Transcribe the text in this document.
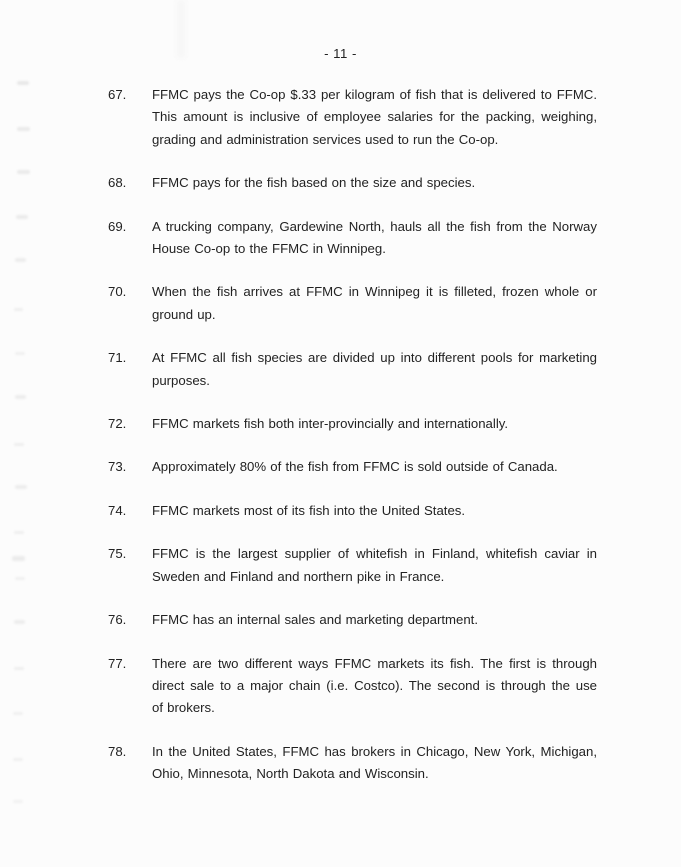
- 11 -
67.	FFMC pays the Co-op $.33 per kilogram of fish that is delivered to FFMC.
This amount is inclusive of employee salaries for the packing, weighing,
grading and administration services used to run the Co-op.
68.	FFMC pays for the fish based on the size and species.
69.	A trucking company, Gardewine North, hauls all the fish from the Norway
House Co-op to the FFMC in Winnipeg.
70.	When the fish arrives at FFMC in Winnipeg it is filleted, frozen whole or
ground up.
71.	At FFMC all fish species are divided up into different pools for marketing
purposes.
72.	FFMC markets fish both inter-provincially and internationally.
73.	Approximately 80% of the fish from FFMC is sold outside of Canada.
74.	FFMC markets most of its fish into the United States.
75.	FFMC is the largest supplier of whitefish in Finland, whitefish caviar in
Sweden and Finland and northern pike in France.
76.	FFMC has an internal sales and marketing department.
77.	There are two different ways FFMC markets its fish. The first is through
direct sale to a major chain (i.e. Costco). The second is through the use
of brokers.
78.	In the United States, FFMC has brokers in Chicago, New York, Michigan,
Ohio, Minnesota, North Dakota and Wisconsin.
